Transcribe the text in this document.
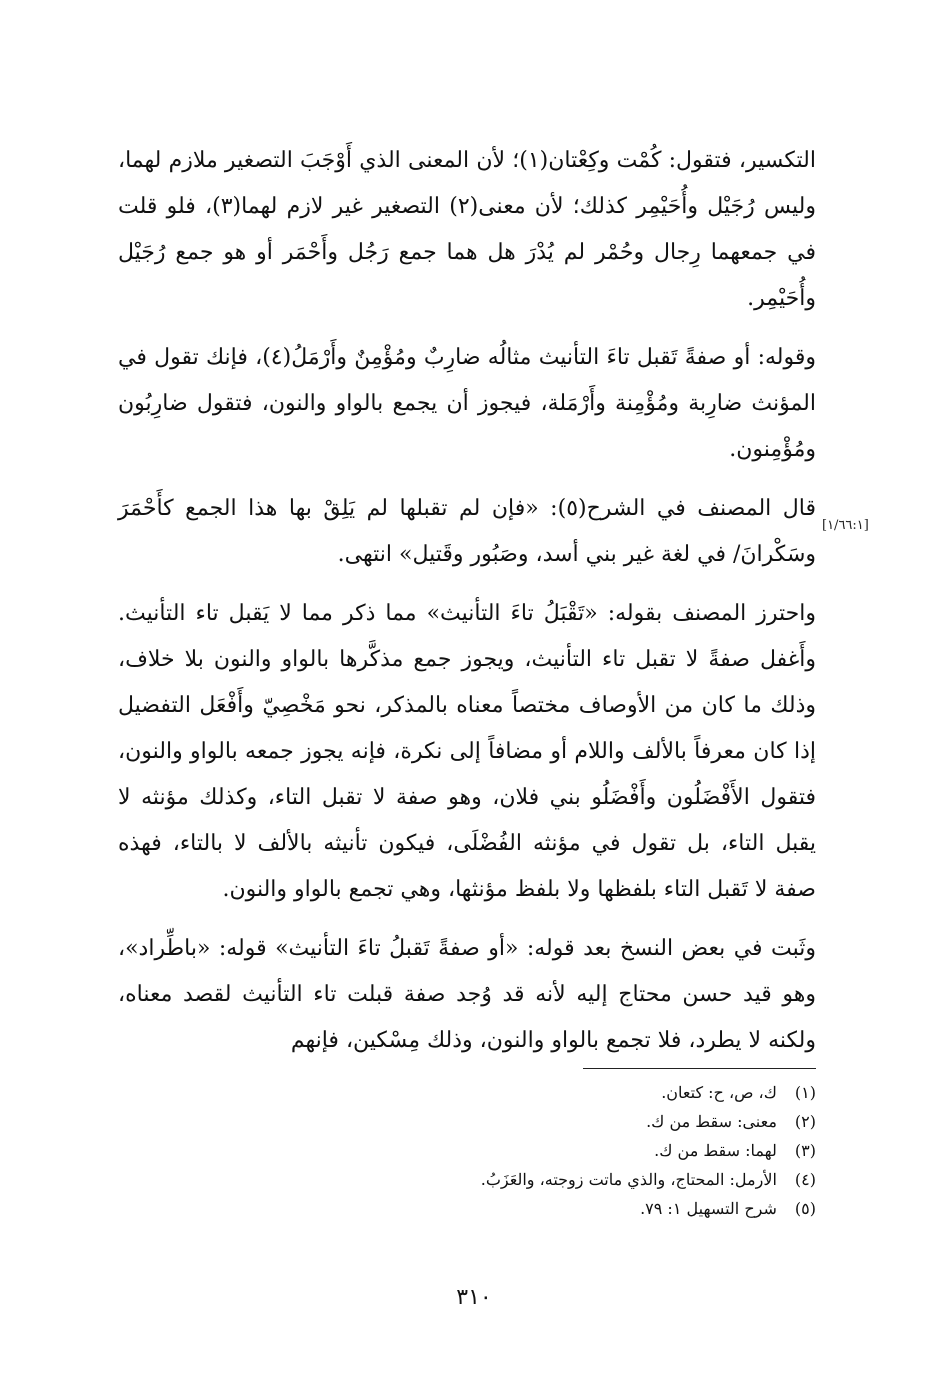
التكسير، فتقول: كُمْت وكِعْتان(١)؛ لأن المعنى الذي أَوْجَبَ التصغير ملازم لهما، وليس رُجَيْل وأُحَيْمِر كذلك؛ لأن معنى(٢) التصغير غير لازم لهما(٣)، فلو قلت في جمعهما رِجال وحُمْر لم يُدْرَ هل هما جمع رَجُل وأَحْمَر أو هو جمع رُجَيْل وأُحَيْمِر.

وقوله: أو صفةً تَقبل تاءَ التأنيث مثالُه ضارِبٌ ومُؤْمِنٌ وأَرْمَلُ(٤)، فإنك تقول في المؤنث ضارِبة ومُؤْمِنة وأَرْمَلة، فيجوز أن يجمع بالواو والنون، فتقول ضارِبُون ومُؤْمِنون.

قال المصنف في الشرح(٥): «فإن لم تقبلها لم يَلِقْ بها هذا الجمع كأَحْمَرَ وسَكْرانَ/ في لغة غير بني أسد، وصَبُور وقَتيل» انتهى.

واحترز المصنف بقوله: «تَقْبَلُ تاءَ التأنيث» مما ذكر مما لا يَقبل تاء التأنيث. وأَغفل صفةً لا تقبل تاء التأنيث، ويجوز جمع مذكَّرها بالواو والنون بلا خلاف، وذلك ما كان من الأوصاف مختصاً معناه بالمذكر، نحو مَخْصِيّ وأَفْعَل التفضيل إذا كان معرفاً بالألف واللام أو مضافاً إلى نكرة، فإنه يجوز جمعه بالواو والنون، فتقول الأَفْضَلُون وأَفْضَلُو بني فلان، وهو صفة لا تقبل التاء، وكذلك مؤنثه لا يقبل التاء، بل تقول في مؤنثه الفُضْلَى، فيكون تأنيثه بالألف لا بالتاء، فهذه صفة لا تَقبل التاء بلفظها ولا بلفظ مؤنثها، وهي تجمع بالواو والنون.

وثَبت في بعض النسخ بعد قوله: «أو صفةً تَقبلُ تاءَ التأنيث» قوله: «باطِّراد»، وهو قيد حسن محتاج إليه لأنه قد وُجد صفة قبلت تاء التأنيث لقصد معناه، ولكنه لا يطرد، فلا تجمع بالواو والنون، وذلك مِسْكين، فإنهم

[١/٦٦:١]
(١) ك، ص، ح: كتعان.
(٢) معنى: سقط من ك.
(٣) لهما: سقط من ك.
(٤) الأرمل: المحتاج، والذي ماتت زوجته، والعَزَبُ.
(٥) شرح التسهيل ١: ٧٩.
٣١٠
